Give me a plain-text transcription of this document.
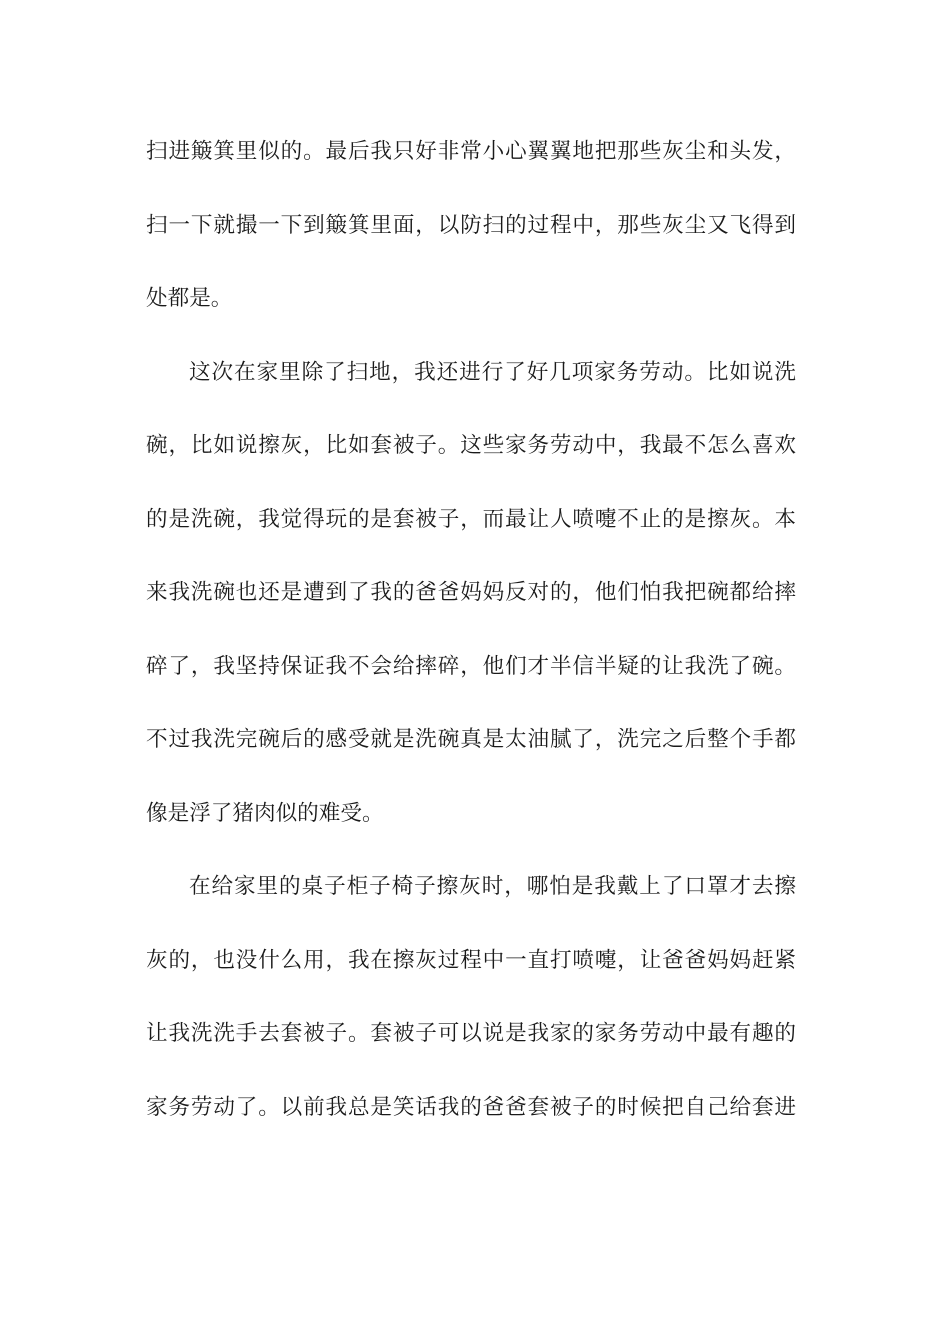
扫进簸箕里似的。最后我只好非常小心翼翼地把那些灰尘和头发，
扫一下就撮一下到簸箕里面，以防扫的过程中，那些灰尘又飞得到
处都是。
这次在家里除了扫地，我还进行了好几项家务劳动。比如说洗
碗，比如说擦灰，比如套被子。这些家务劳动中，我最不怎么喜欢
的是洗碗，我觉得玩的是套被子，而最让人喷嚏不止的是擦灰。本
来我洗碗也还是遭到了我的爸爸妈妈反对的，他们怕我把碗都给摔
碎了，我坚持保证我不会给摔碎，他们才半信半疑的让我洗了碗。
不过我洗完碗后的感受就是洗碗真是太油腻了，洗完之后整个手都
像是浮了猪肉似的难受。
在给家里的桌子柜子椅子擦灰时，哪怕是我戴上了口罩才去擦
灰的，也没什么用，我在擦灰过程中一直打喷嚏，让爸爸妈妈赶紧
让我洗洗手去套被子。套被子可以说是我家的家务劳动中最有趣的
家务劳动了。以前我总是笑话我的爸爸套被子的时候把自己给套进
